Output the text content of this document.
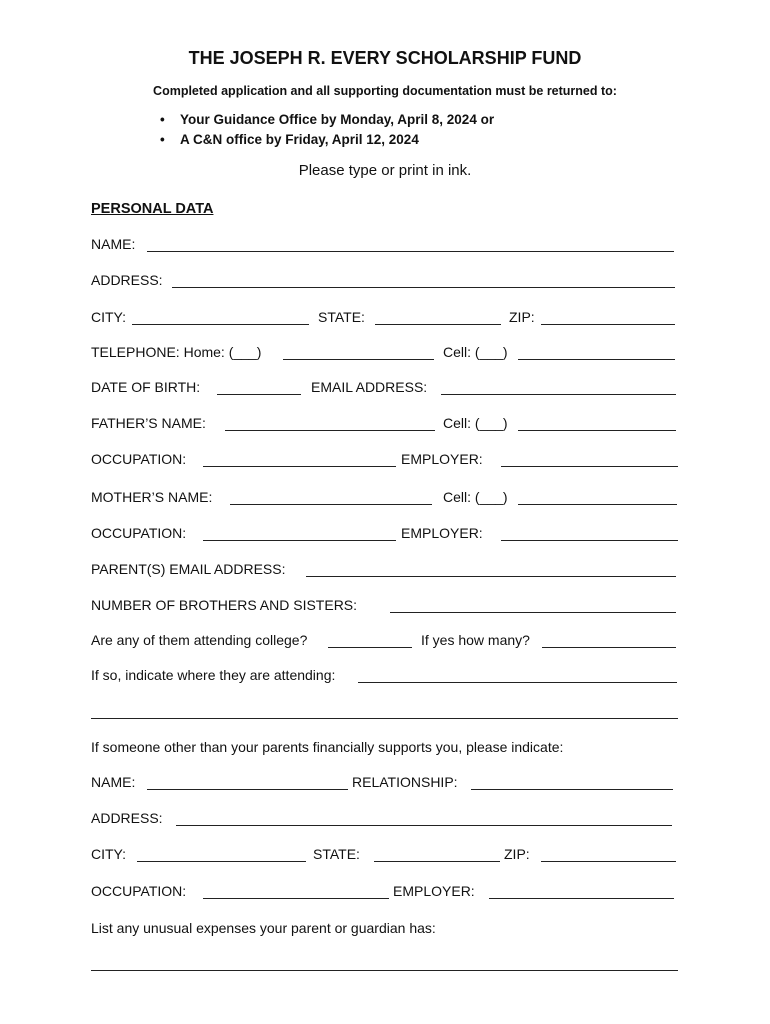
THE JOSEPH R. EVERY SCHOLARSHIP FUND
Completed application and all supporting documentation must be returned to:
• Your Guidance Office by Monday, April 8, 2024 or
• A C&N office by Friday, April 12, 2024
Please type or print in ink.
PERSONAL DATA
NAME:
ADDRESS:
CITY:	STATE:	ZIP:
TELEPHONE: Home: (___)	Cell: (___)
DATE OF BIRTH:	EMAIL ADDRESS:
FATHER’S NAME:	Cell: (___)
OCCUPATION:	EMPLOYER:
MOTHER’S NAME:	Cell: (___)
OCCUPATION:	EMPLOYER:
PARENT(S) EMAIL ADDRESS:
NUMBER OF BROTHERS AND SISTERS:
Are any of them attending college?	If yes how many?
If so, indicate where they are attending:
If someone other than your parents financially supports you, please indicate:
NAME:	RELATIONSHIP:
ADDRESS:
CITY:	STATE:	ZIP:
OCCUPATION:	EMPLOYER:
List any unusual expenses your parent or guardian has:
